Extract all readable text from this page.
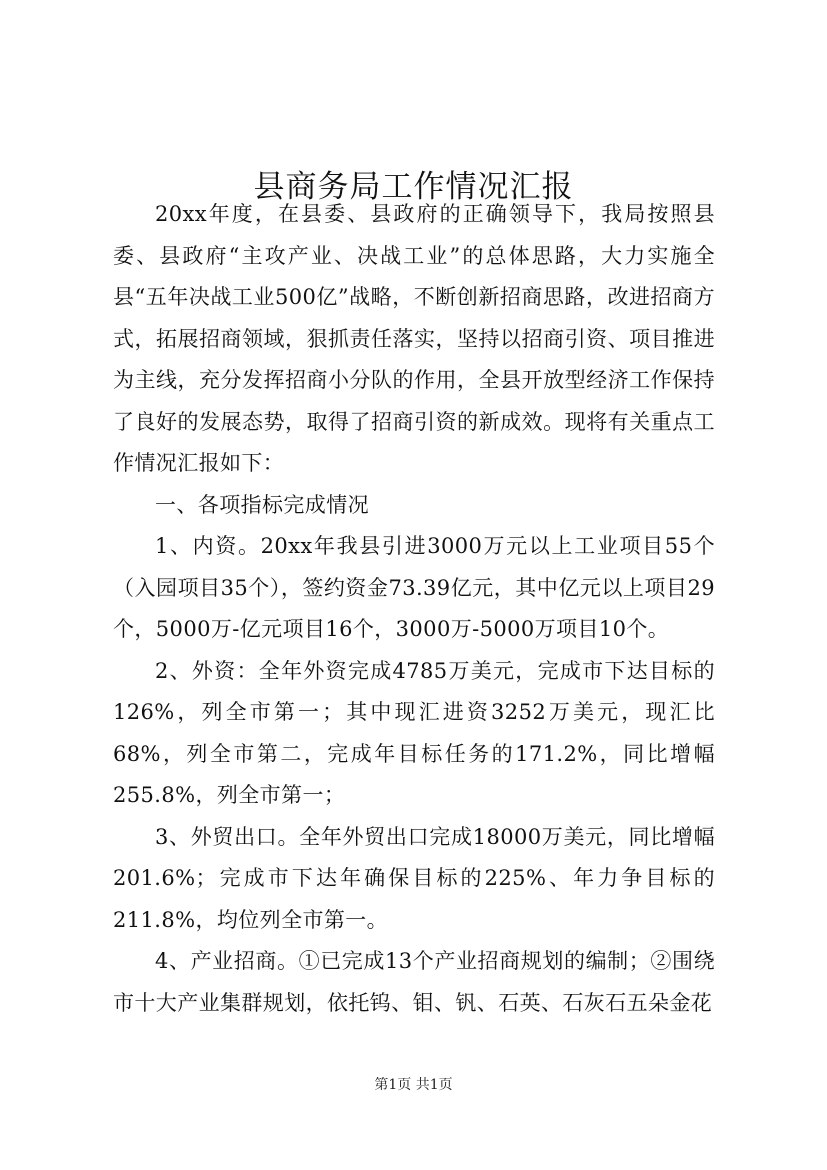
县商务局工作情况汇报

20xx年度，在县委、县政府的正确领导下，我局按照县委、县政府“主攻产业、决战工业”的总体思路，大力实施全县“五年决战工业500亿”战略，不断创新招商思路，改进招商方式，拓展招商领域，狠抓责任落实，坚持以招商引资、项目推进为主线，充分发挥招商小分队的作用，全县开放型经济工作保持了良好的发展态势，取得了招商引资的新成效。现将有关重点工作情况汇报如下：

一、各项指标完成情况

1、内资。20xx年我县引进3000万元以上工业项目55个（入园项目35个），签约资金73.39亿元，其中亿元以上项目29个，5000万-亿元项目16个，3000万-5000万项目10个。

2、外资：全年外资完成4785万美元，完成市下达目标的126%，列全市第一；其中现汇进资3252万美元，现汇比68%，列全市第二，完成年目标任务的171.2%，同比增幅255.8%，列全市第一；

3、外贸出口。全年外贸出口完成18000万美元，同比增幅201.6%；完成市下达年确保目标的225%、年力争目标的211.8%，均位列全市第一。

4、产业招商。①已完成13个产业招商规划的编制；②围绕市十大产业集群规划，依托钨、钼、钒、石英、石灰石五朵金花

第1页 共1页
